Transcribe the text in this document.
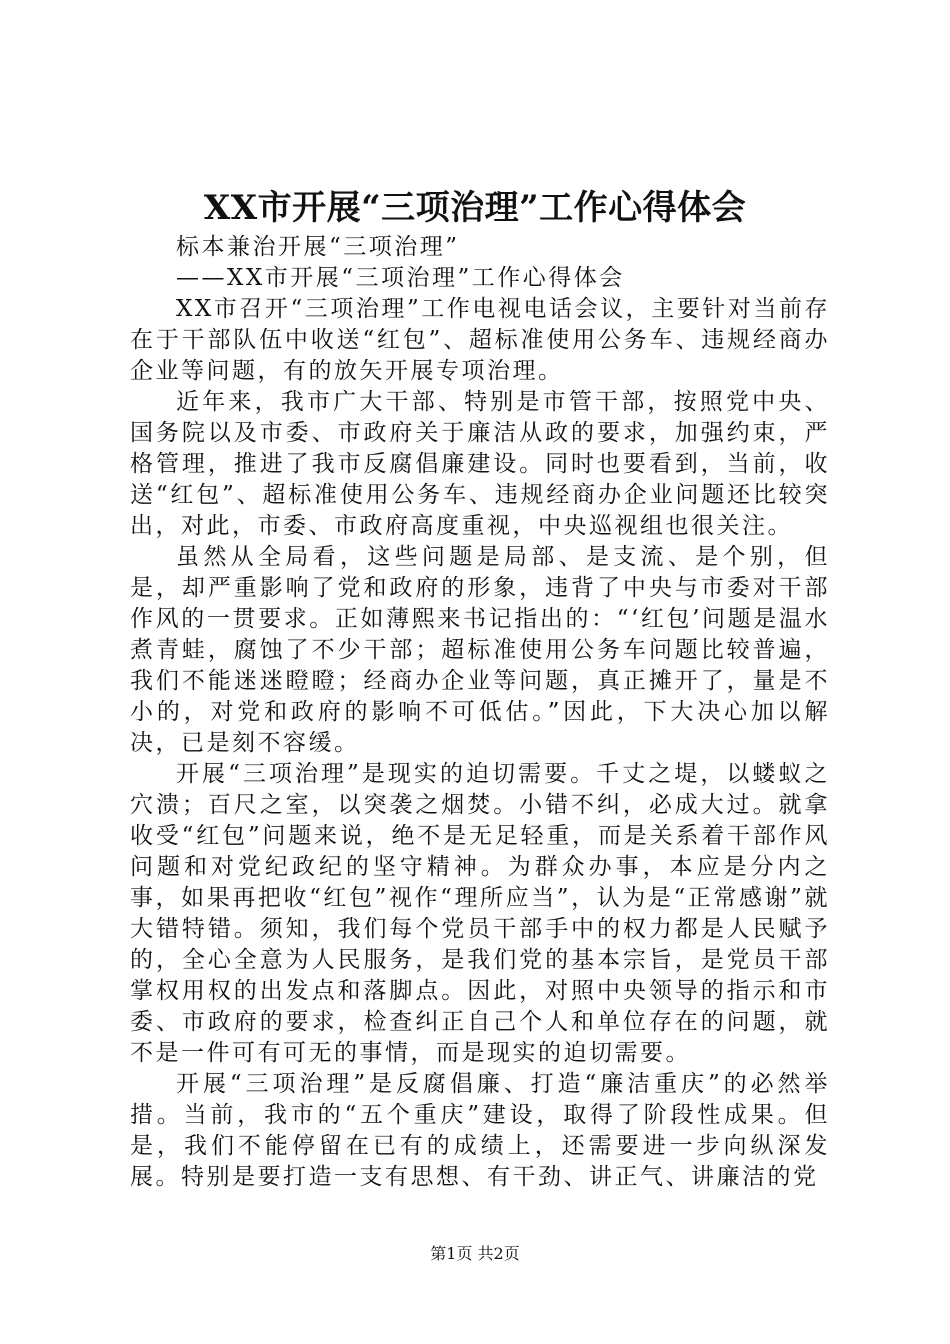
XX市开展“三项治理”工作心得体会

标本兼治开展“三项治理”

——XX市开展“三项治理”工作心得体会

XX市召开“三项治理”工作电视电话会议，主要针对当前存在于干部队伍中收送“红包”、超标准使用公务车、违规经商办企业等问题，有的放矢开展专项治理。

近年来，我市广大干部、特别是市管干部，按照党中央、国务院以及市委、市政府关于廉洁从政的要求，加强约束，严格管理，推进了我市反腐倡廉建设。同时也要看到，当前，收送“红包”、超标准使用公务车、违规经商办企业问题还比较突出，对此，市委、市政府高度重视，中央巡视组也很关注。

虽然从全局看，这些问题是局部、是支流、是个别，但是，却严重影响了党和政府的形象，违背了中央与市委对干部作风的一贯要求。正如薄熙来书记指出的：“‘红包’问题是温水煮青蛙，腐蚀了不少干部；超标准使用公务车问题比较普遍，我们不能迷迷瞪瞪；经商办企业等问题，真正摊开了，量是不小的，对党和政府的影响不可低估。”因此，下大决心加以解决，已是刻不容缓。

开展“三项治理”是现实的迫切需要。千丈之堤，以蝼蚁之穴溃；百尺之室，以突袭之烟焚。小错不纠，必成大过。就拿收受“红包”问题来说，绝不是无足轻重，而是关系着干部作风问题和对党纪政纪的坚守精神。为群众办事，本应是分内之事，如果再把收“红包”视作“理所应当”，认为是“正常感谢”就大错特错。须知，我们每个党员干部手中的权力都是人民赋予的，全心全意为人民服务，是我们党的基本宗旨，是党员干部掌权用权的出发点和落脚点。因此，对照中央领导的指示和市委、市政府的要求，检查纠正自己个人和单位存在的问题，就不是一件可有可无的事情，而是现实的迫切需要。

开展“三项治理”是反腐倡廉、打造“廉洁重庆”的必然举措。当前，我市的“五个重庆”建设，取得了阶段性成果。但是，我们不能停留在已有的成绩上，还需要进一步向纵深发展。特别是要打造一支有思想、有干劲、讲正气、讲廉洁的党

第1页 共2页
